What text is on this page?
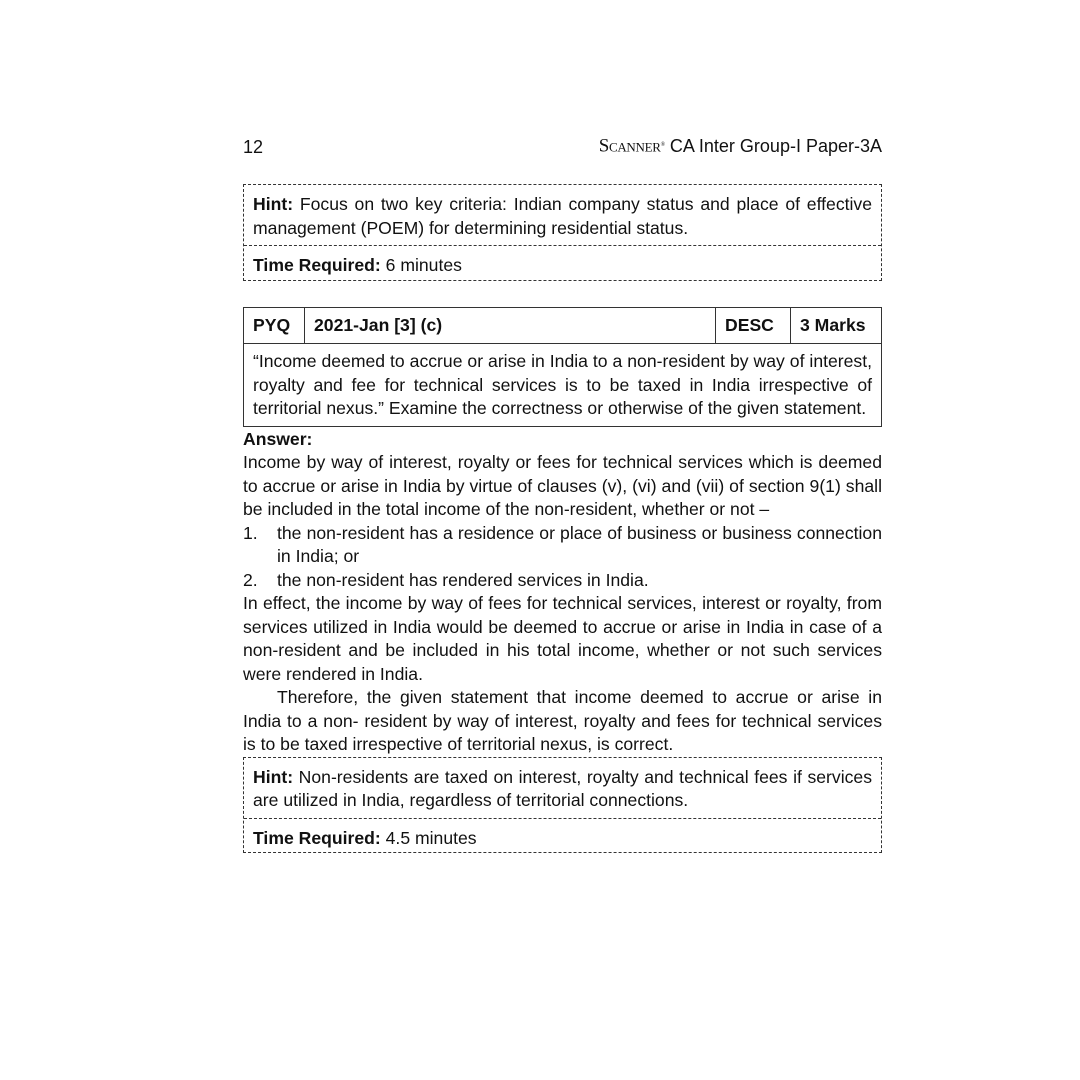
12	SCANNER® CA Inter Group-I Paper-3A
Hint: Focus on two key criteria: Indian company status and place of effective management (POEM) for determining residential status.
Time Required: 6 minutes
PYQ	2021-Jan [3] (c)	DESC	3 Marks
“Income deemed to accrue or arise in India to a non-resident by way of interest, royalty and fee for technical services is to be taxed in India irrespective of territorial nexus.” Examine the correctness or otherwise of the given statement.
Answer:
Income by way of interest, royalty or fees for technical services which is deemed to accrue or arise in India by virtue of clauses (v), (vi) and (vii) of section 9(1) shall be included in the total income of the non-resident, whether or not –
1.	the non-resident has a residence or place of business or business connection in India; or
2.	the non-resident has rendered services in India.
In effect, the income by way of fees for technical services, interest or royalty, from services utilized in India would be deemed to accrue or arise in India in case of a non-resident and be included in his total income, whether or not such services were rendered in India.
Therefore, the given statement that income deemed to accrue or arise in India to a non- resident by way of interest, royalty and fees for technical services is to be taxed irrespective of territorial nexus, is correct.
Hint: Non-residents are taxed on interest, royalty and technical fees if services are utilized in India, regardless of territorial connections.
Time Required: 4.5 minutes
